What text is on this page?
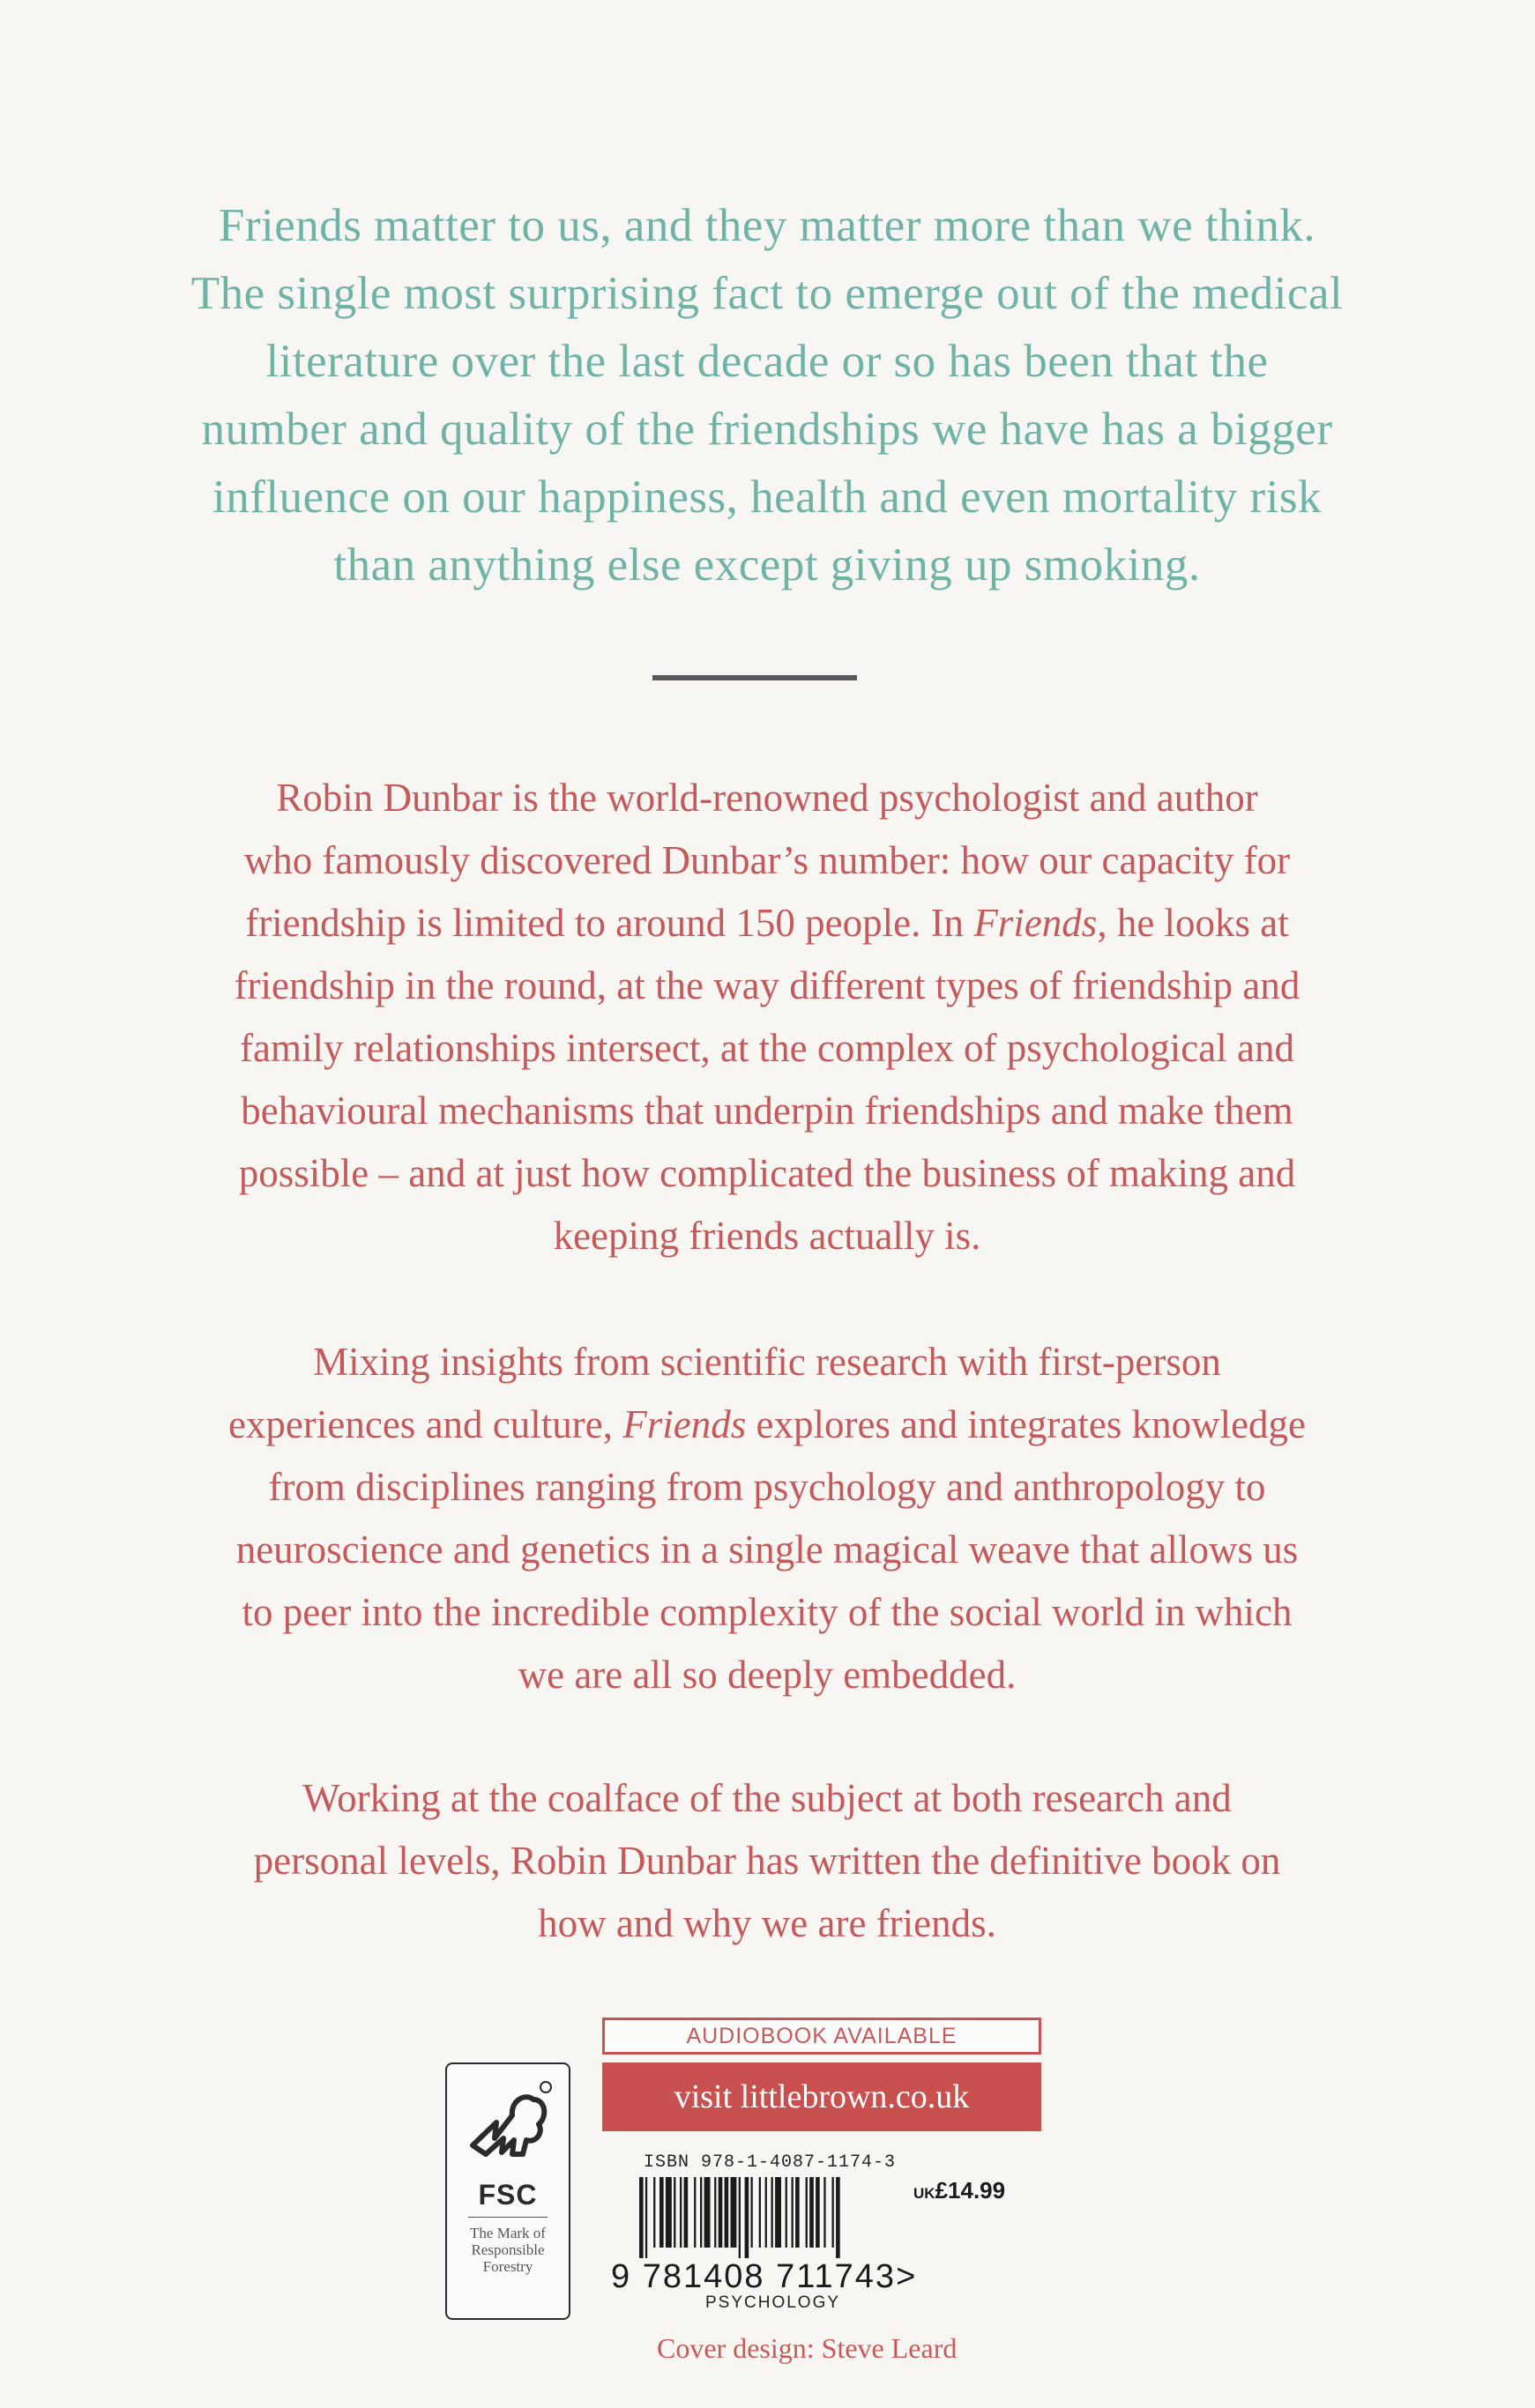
Friends matter to us, and they matter more than we think.
The single most surprising fact to emerge out of the medical
literature over the last decade or so has been that the
number and quality of the friendships we have has a bigger
influence on our happiness, health and even mortality risk
than anything else except giving up smoking.
Robin Dunbar is the world-renowned psychologist and author
who famously discovered Dunbar’s number: how our capacity for
friendship is limited to around 150 people. In Friends, he looks at
friendship in the round, at the way different types of friendship and
family relationships intersect, at the complex of psychological and
behavioural mechanisms that underpin friendships and make them
possible – and at just how complicated the business of making and
keeping friends actually is.
Mixing insights from scientific research with first-person
experiences and culture, Friends explores and integrates knowledge
from disciplines ranging from psychology and anthropology to
neuroscience and genetics in a single magical weave that allows us
to peer into the incredible complexity of the social world in which
we are all so deeply embedded.
Working at the coalface of the subject at both research and
personal levels, Robin Dunbar has written the definitive book on
how and why we are friends.
FSC
The Mark of
Responsible
Forestry
AUDIOBOOK AVAILABLE
visit littlebrown.co.uk
ISBN 978-1-4087-1174-3
UK£14.99
9 781408 711743>
PSYCHOLOGY
Cover design: Steve Leard
